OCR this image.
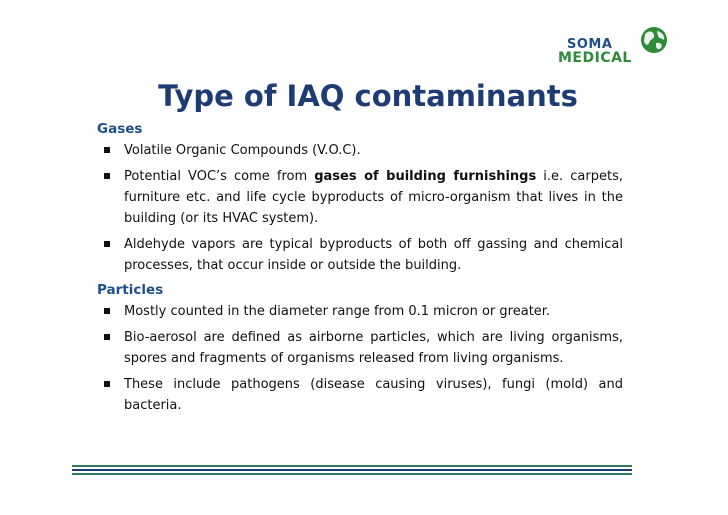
SOMA
MEDICAL
Type of IAQ contaminants
Gases
Volatile Organic Compounds (V.O.C).
Potential VOC’s come from gases of building furnishings i.e. carpets, furniture etc. and life cycle byproducts of micro-organism that lives in the building (or its HVAC system).
Aldehyde vapors are typical byproducts of both off gassing and chemical processes, that occur inside or outside the building.
Particles
Mostly counted in the diameter range from 0.1 micron or greater.
Bio-aerosol are defined as airborne particles, which are living organisms, spores and fragments of organisms released from living organisms.
These include pathogens (disease causing viruses), fungi (mold) and bacteria.
